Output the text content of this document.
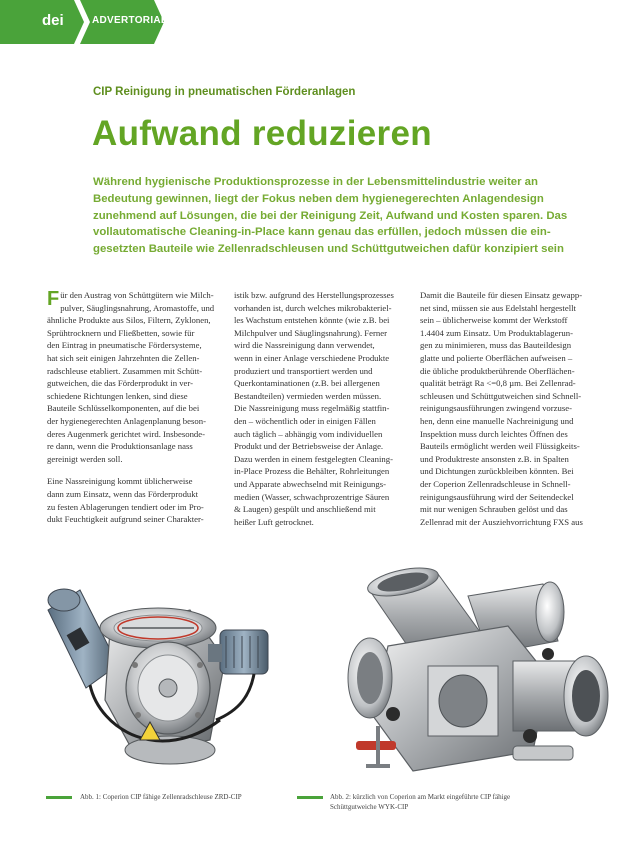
dei	ADVERTORIAL
CIP Reinigung in pneumatischen Förderanlagen
Aufwand reduzieren
Während hygienische Produktionsprozesse in der Lebensmittelindustrie weiter an
Bedeutung gewinnen, liegt der Fokus neben dem hygienegerechten Anlagendesign
zunehmend auf Lösungen, die bei der Reinigung Zeit, Aufwand und Kosten sparen. Das
vollautomatische Cleaning-in-Place kann genau das erfüllen, jedoch müssen die ein-
gesetzten Bauteile wie Zellenradschleusen und Schüttgutweichen dafür konzipiert sein
Für den Austrag von Schüttgütern wie Milch-
pulver, Säuglingsnahrung, Aromastoffe, und
ähnliche Produkte aus Silos, Filtern, Zyklonen,
Sprühtrocknern und Fließbetten, sowie für
den Eintrag in pneumatische Fördersysteme,
hat sich seit einigen Jahrzehnten die Zellen-
radschleuse etabliert. Zusammen mit Schütt-
gutweichen, die das Förderprodukt in ver-
schiedene Richtungen lenken, sind diese
Bauteile Schlüsselkomponenten, auf die bei
der hygienegerechten Anlagenplanung beson-
deres Augenmerk gerichtet wird. Insbesonde-
re dann, wenn die Produktionsanlage nass
gereinigt werden soll.
Eine Nassreinigung kommt üblicherweise
dann zum Einsatz, wenn das Förderprodukt
zu festen Ablagerungen tendiert oder im Pro-
dukt Feuchtigkeit aufgrund seiner Charakter-
istik bzw. aufgrund des Herstellungsprozesses
vorhanden ist, durch welches mikrobakteriel-
les Wachstum entstehen könnte (wie z.B. bei
Milchpulver und Säuglingsnahrung). Ferner
wird die Nassreinigung dann verwendet,
wenn in einer Anlage verschiedene Produkte
produziert und transportiert werden und
Querkontaminationen (z.B. bei allergenen
Bestandteilen) vermieden werden müssen.
Die Nassreinigung muss regelmäßig stattfin-
den – wöchentlich oder in einigen Fällen
auch täglich – abhängig vom individuellen
Produkt und der Betriebsweise der Anlage.
Dazu werden in einem festgelegten Cleaning-
in-Place Prozess die Behälter, Rohrleitungen
und Apparate abwechselnd mit Reinigungs-
medien (Wasser, schwachprozentrige Säuren
& Laugen) gespült und anschließend mit
heißer Luft getrocknet.
Damit die Bauteile für diesen Einsatz gewapp-
net sind, müssen sie aus Edelstahl hergestellt
sein – üblicherweise kommt der Werkstoff
1.4404 zum Einsatz. Um Produktablagerun-
gen zu minimieren, muss das Bauteildesign
glatte und polierte Oberflächen aufweisen –
die übliche produktberührende Oberflächen-
qualität beträgt Ra <=0,8 µm. Bei Zellenrad-
schleusen und Schüttgutweichen sind Schnell-
reinigungsausführungen zwingend vorzuse-
hen, denn eine manuelle Nachreinigung und
Inspektion muss durch leichtes Öffnen des
Bauteils ermöglicht werden weil Flüssigkeits-
und Produktreste ansonsten z.B. in Spalten
und Dichtungen zurückbleiben könnten. Bei
der Coperion Zellenradschleuse in Schnell-
reinigungsausführung wird der Seitendeckel
mit nur wenigen Schrauben gelöst und das
Zellenrad mit der Ausziehvorrichtung FXS aus
Abb. 1: Coperion CIP fähige Zellenradschleuse ZRD-CIP	Abb. 2: kürzlich von Coperion am Markt eingeführte CIP fähige
Schüttgutweiche WYK-CIP
